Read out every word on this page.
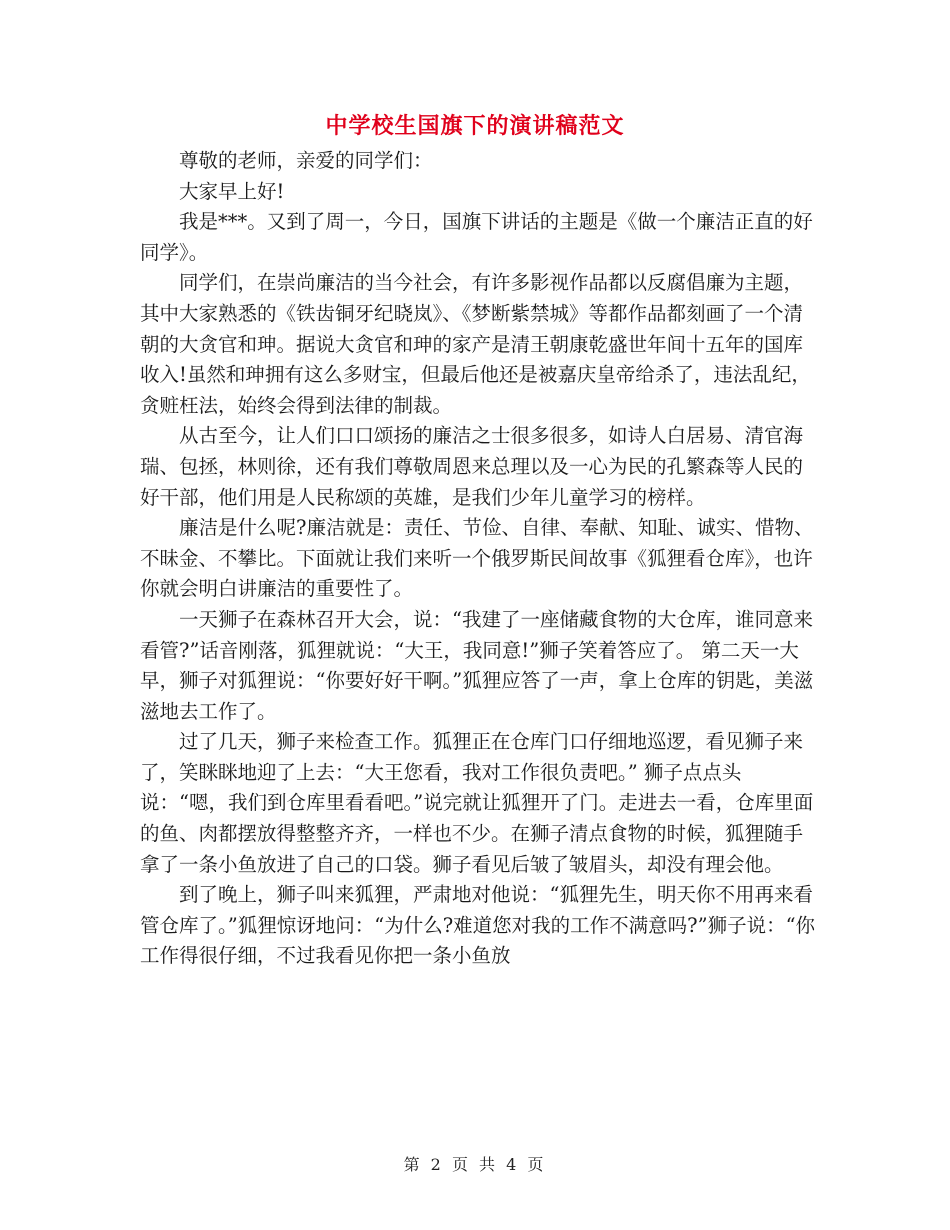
中学校生国旗下的演讲稿范文

尊敬的老师，亲爱的同学们：

大家早上好!

我是***。又到了周一，今日，国旗下讲话的主题是《做一个廉洁正直的好同学》。

同学们，在崇尚廉洁的当今社会，有许多影视作品都以反腐倡廉为主题，其中大家熟悉的《铁齿铜牙纪晓岚》、《梦断紫禁城》等都作品都刻画了一个清朝的大贪官和珅。据说大贪官和珅的家产是清王朝康乾盛世年间十五年的国库收入!虽然和珅拥有这么多财宝，但最后他还是被嘉庆皇帝给杀了，违法乱纪，贪赃枉法，始终会得到法律的制裁。

从古至今，让人们口口颂扬的廉洁之士很多很多，如诗人白居易、清官海瑞、包拯，林则徐，还有我们尊敬周恩来总理以及一心为民的孔繁森等人民的好干部，他们用是人民称颂的英雄，是我们少年儿童学习的榜样。

廉洁是什么呢?廉洁就是：责任、节俭、自律、奉献、知耻、诚实、惜物、不昧金、不攀比。下面就让我们来听一个俄罗斯民间故事《狐狸看仓库》，也许你就会明白讲廉洁的重要性了。

一天狮子在森林召开大会，说：“我建了一座储藏食物的大仓库，谁同意来看管?”话音刚落，狐狸就说：“大王，我同意!”狮子笑着答应了。 第二天一大早，狮子对狐狸说：“你要好好干啊。”狐狸应答了一声，拿上仓库的钥匙，美滋滋地去工作了。

过了几天，狮子来检查工作。狐狸正在仓库门口仔细地巡逻，看见狮子来了，笑眯眯地迎了上去：“大王您看，我对工作很负责吧。” 狮子点点头说：“嗯，我们到仓库里看看吧。”说完就让狐狸开了门。走进去一看，仓库里面的鱼、肉都摆放得整整齐齐，一样也不少。在狮子清点食物的时候，狐狸随手拿了一条小鱼放进了自己的口袋。狮子看见后皱了皱眉头，却没有理会他。

到了晚上，狮子叫来狐狸，严肃地对他说：“狐狸先生，明天你不用再来看管仓库了。”狐狸惊讶地问：“为什么?难道您对我的工作不满意吗?”狮子说：“你工作得很仔细，不过我看见你把一条小鱼放

第 2 页 共 4 页
